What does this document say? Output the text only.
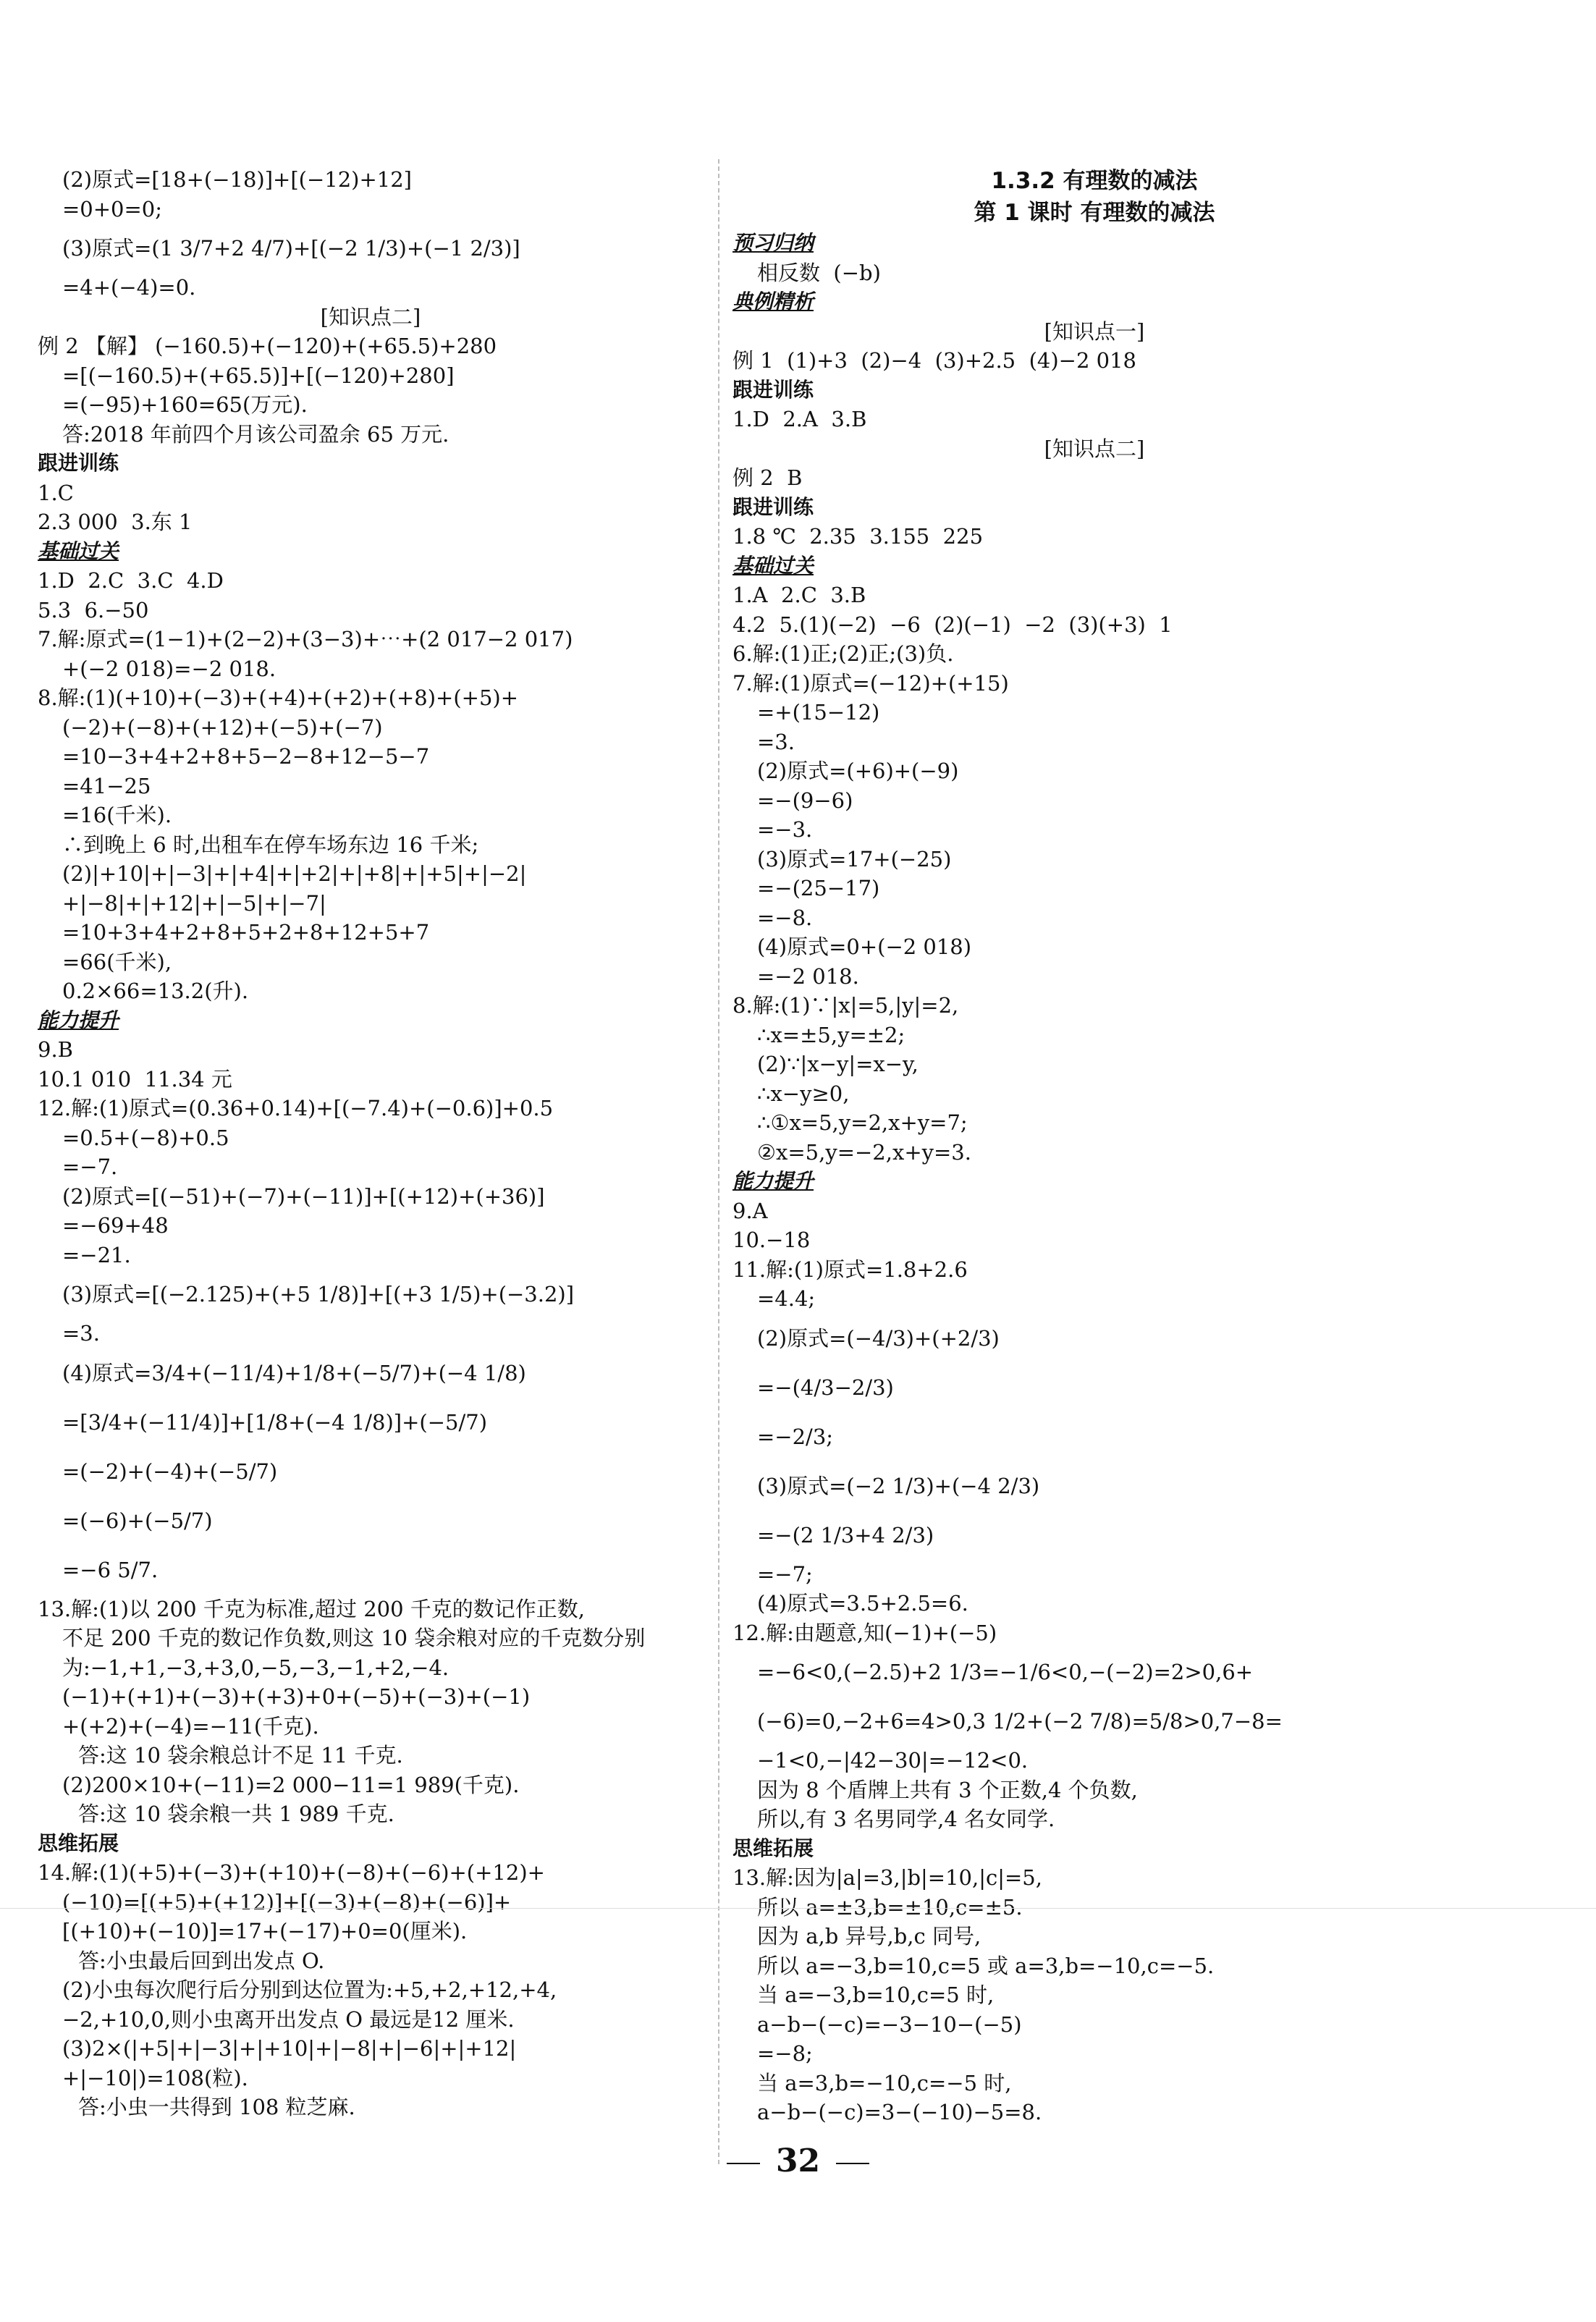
(2)原式=[18+(−18)]+[(−12)+12]
=0+0=0;
(3)原式=(1 3/7+2 4/7)+[(−2 1/3)+(−1 2/3)]
=4+(−4)=0.
[知识点二]
例 2 【解】 (−160.5)+(−120)+(+65.5)+280
=[(−160.5)+(+65.5)]+[(−120)+280]
=(−95)+160=65(万元).
答:2018 年前四个月该公司盈余 65 万元.
跟进训练
1.C
2.3 000  3.东 1
基础过关
1.D  2.C  3.C  4.D
5.3  6.−50
7.解:原式=(1−1)+(2−2)+(3−3)+⋯+(2 017−2 017)
+(−2 018)=−2 018.
8.解:(1)(+10)+(−3)+(+4)+(+2)+(+8)+(+5)+
(−2)+(−8)+(+12)+(−5)+(−7)
=10−3+4+2+8+5−2−8+12−5−7
=41−25
=16(千米).
∴到晚上 6 时,出租车在停车场东边 16 千米;
(2)|+10|+|−3|+|+4|+|+2|+|+8|+|+5|+|−2|
+|−8|+|+12|+|−5|+|−7|
=10+3+4+2+8+5+2+8+12+5+7
=66(千米),
0.2×66=13.2(升).
能力提升
9.B
10.1 010  11.34 元
12.解:(1)原式=(0.36+0.14)+[(−7.4)+(−0.6)]+0.5
=0.5+(−8)+0.5
=−7.
(2)原式=[(−51)+(−7)+(−11)]+[(+12)+(+36)]
=−69+48
=−21.
(3)原式=[(−2.125)+(+5 1/8)]+[(+3 1/5)+(−3.2)]
=3.
(4)原式=3/4+(−11/4)+1/8+(−5/7)+(−4 1/8)
=[3/4+(−11/4)]+[1/8+(−4 1/8)]+(−5/7)
=(−2)+(−4)+(−5/7)
=(−6)+(−5/7)
=−6 5/7.
13.解:(1)以 200 千克为标准,超过 200 千克的数记作正数,
不足 200 千克的数记作负数,则这 10 袋余粮对应的千克数分别
为:−1,+1,−3,+3,0,−5,−3,−1,+2,−4.
(−1)+(+1)+(−3)+(+3)+0+(−5)+(−3)+(−1)
+(+2)+(−4)=−11(千克).
答:这 10 袋余粮总计不足 11 千克.
(2)200×10+(−11)=2 000−11=1 989(千克).
答:这 10 袋余粮一共 1 989 千克.
思维拓展
14.解:(1)(+5)+(−3)+(+10)+(−8)+(−6)+(+12)+
(−10)=[(+5)+(+12)]+[(−3)+(−8)+(−6)]+
[(+10)+(−10)]=17+(−17)+0=0(厘米).
答:小虫最后回到出发点 O.
(2)小虫每次爬行后分别到达位置为:+5,+2,+12,+4,
−2,+10,0,则小虫离开出发点 O 最远是12 厘米.
(3)2×(|+5|+|−3|+|+10|+|−8|+|−6|+|+12|
+|−10|)=108(粒).
答:小虫一共得到 108 粒芝麻.
1.3.2 有理数的减法
第 1 课时 有理数的减法
预习归纳
相反数  (−b)
典例精析
[知识点一]
例 1  (1)+3  (2)−4  (3)+2.5  (4)−2 018
跟进训练
1.D  2.A  3.B
[知识点二]
例 2  B
跟进训练
1.8 ℃  2.35  3.155  225
基础过关
1.A  2.C  3.B
4.2  5.(1)(−2)  −6  (2)(−1)  −2  (3)(+3)  1
6.解:(1)正;(2)正;(3)负.
7.解:(1)原式=(−12)+(+15)
=+(15−12)
=3.
(2)原式=(+6)+(−9)
=−(9−6)
=−3.
(3)原式=17+(−25)
=−(25−17)
=−8.
(4)原式=0+(−2 018)
=−2 018.
8.解:(1)∵|x|=5,|y|=2,
∴x=±5,y=±2;
(2)∵|x−y|=x−y,
∴x−y≥0,
∴①x=5,y=2,x+y=7;
②x=5,y=−2,x+y=3.
能力提升
9.A
10.−18
11.解:(1)原式=1.8+2.6
=4.4;
(2)原式=(−4/3)+(+2/3)
=−(4/3−2/3)
=−2/3;
(3)原式=(−2 1/3)+(−4 2/3)
=−(2 1/3+4 2/3)
=−7;
(4)原式=3.5+2.5=6.
12.解:由题意,知(−1)+(−5)
=−6<0,(−2.5)+2 1/3=−1/6<0,−(−2)=2>0,6+
(−6)=0,−2+6=4>0,3 1/2+(−2 7/8)=5/8>0,7−8=
−1<0,−|42−30|=−12<0.
因为 8 个盾牌上共有 3 个正数,4 个负数,
所以,有 3 名男同学,4 名女同学.
思维拓展
13.解:因为|a|=3,|b|=10,|c|=5,
所以 a=±3,b=±10,c=±5.
因为 a,b 异号,b,c 同号,
所以 a=−3,b=10,c=5 或 a=3,b=−10,c=−5.
当 a=−3,b=10,c=5 时,
a−b−(−c)=−3−10−(−5)
=−8;
当 a=3,b=−10,c=−5 时,
a−b−(−c)=3−(−10)−5=8.
32
